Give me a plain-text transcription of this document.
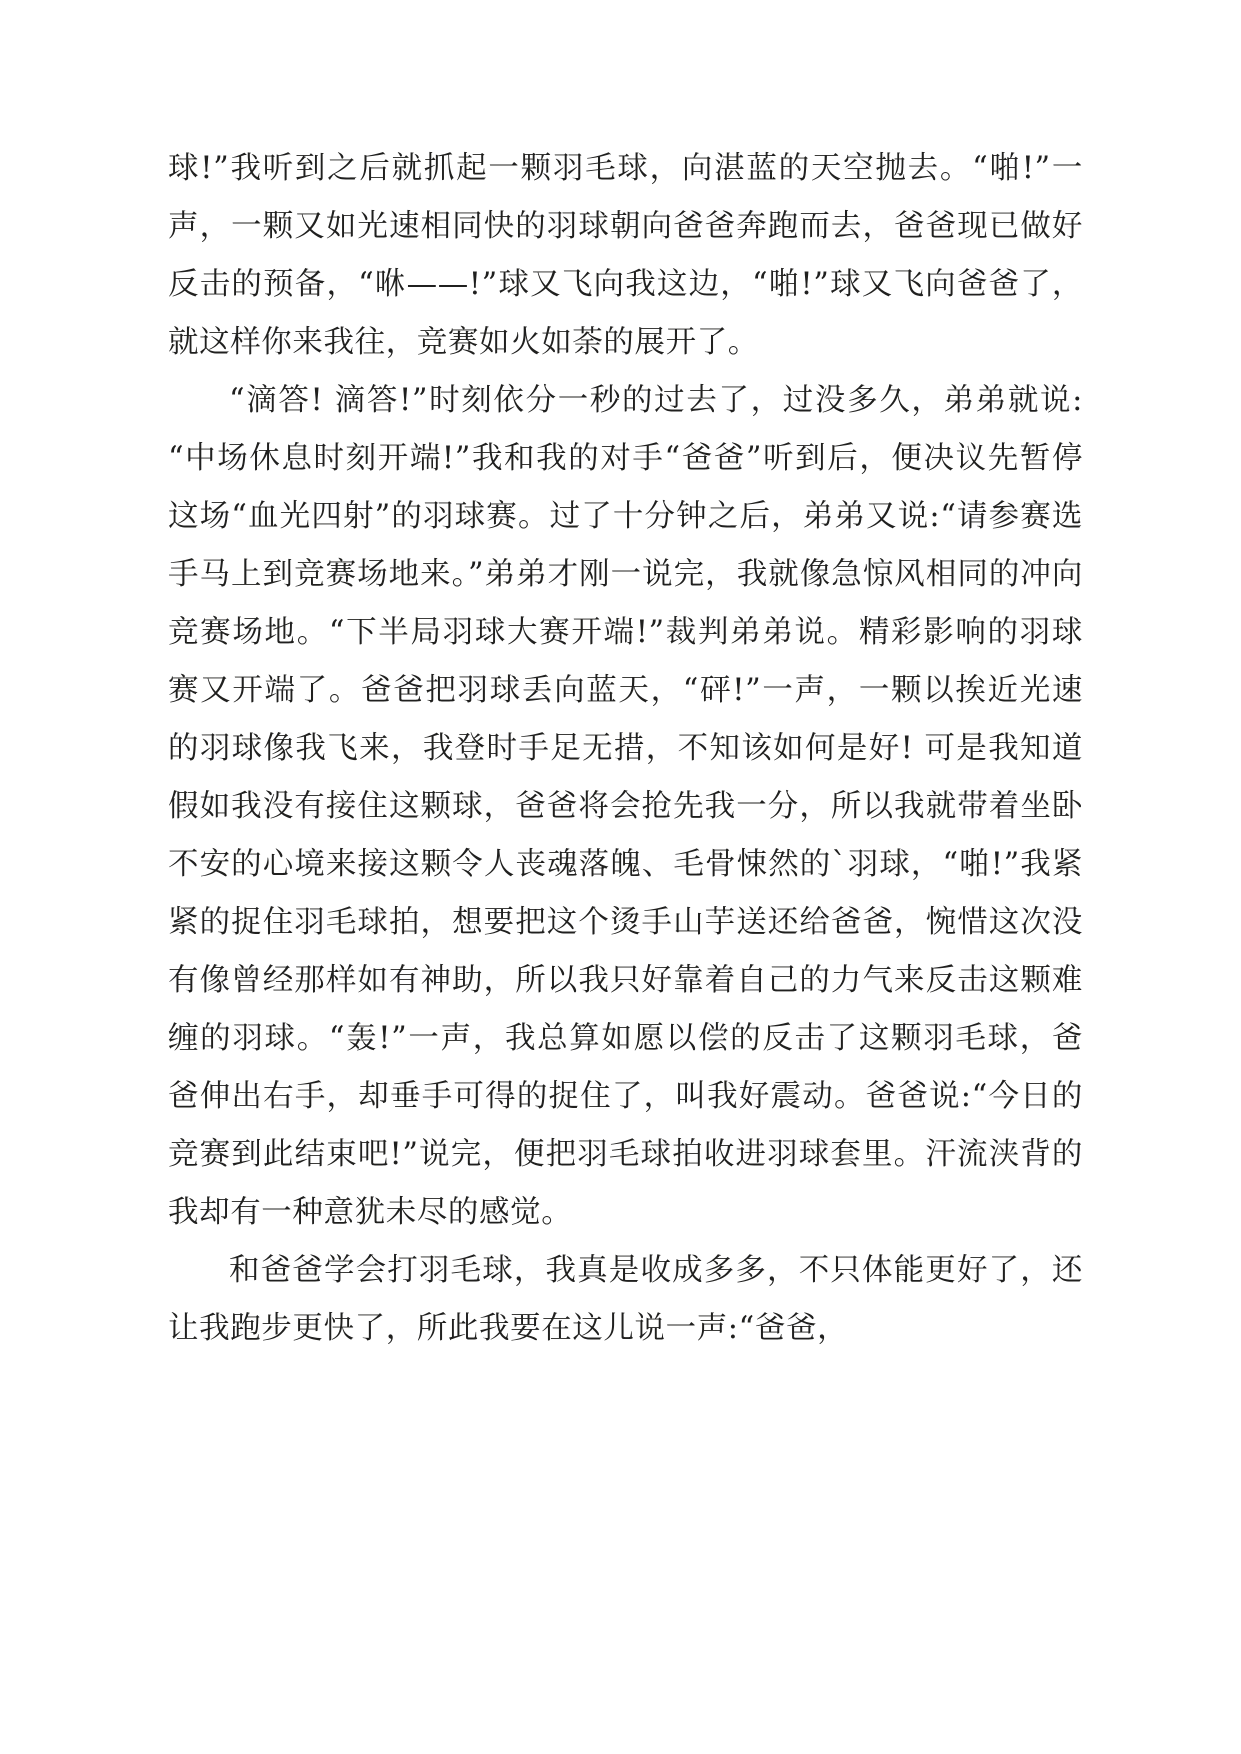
球!”我听到之后就抓起一颗羽毛球，向湛蓝的天空抛去。“啪!”一声，一颗又如光速相同快的羽球朝向爸爸奔跑而去，爸爸现已做好反击的预备，“咻——!”球又飞向我这边，“啪!”球又飞向爸爸了，就这样你来我往，竞赛如火如荼的展开了。

“滴答! 滴答!”时刻依分一秒的过去了，过没多久，弟弟就说:“中场休息时刻开端!”我和我的对手“爸爸”听到后，便决议先暂停这场“血光四射”的羽球赛。过了十分钟之后，弟弟又说:“请参赛选手马上到竞赛场地来。”弟弟才刚一说完，我就像急惊风相同的冲向竞赛场地。“下半局羽球大赛开端!”裁判弟弟说。精彩影响的羽球赛又开端了。爸爸把羽球丢向蓝天，“砰!”一声，一颗以挨近光速的羽球像我飞来，我登时手足无措，不知该如何是好! 可是我知道假如我没有接住这颗球，爸爸将会抢先我一分，所以我就带着坐卧不安的心境来接这颗令人丧魂落魄、毛骨悚然的`羽球，“啪!”我紧紧的捉住羽毛球拍，想要把这个烫手山芋送还给爸爸，惋惜这次没有像曾经那样如有神助，所以我只好靠着自己的力气来反击这颗难缠的羽球。“轰!”一声，我总算如愿以偿的反击了这颗羽毛球，爸爸伸出右手，却垂手可得的捉住了，叫我好震动。爸爸说:“今日的竞赛到此结束吧!”说完，便把羽毛球拍收进羽球套里。汗流浃背的我却有一种意犹未尽的感觉。

和爸爸学会打羽毛球，我真是收成多多，不只体能更好了，还让我跑步更快了，所此我要在这儿说一声:“爸爸，
